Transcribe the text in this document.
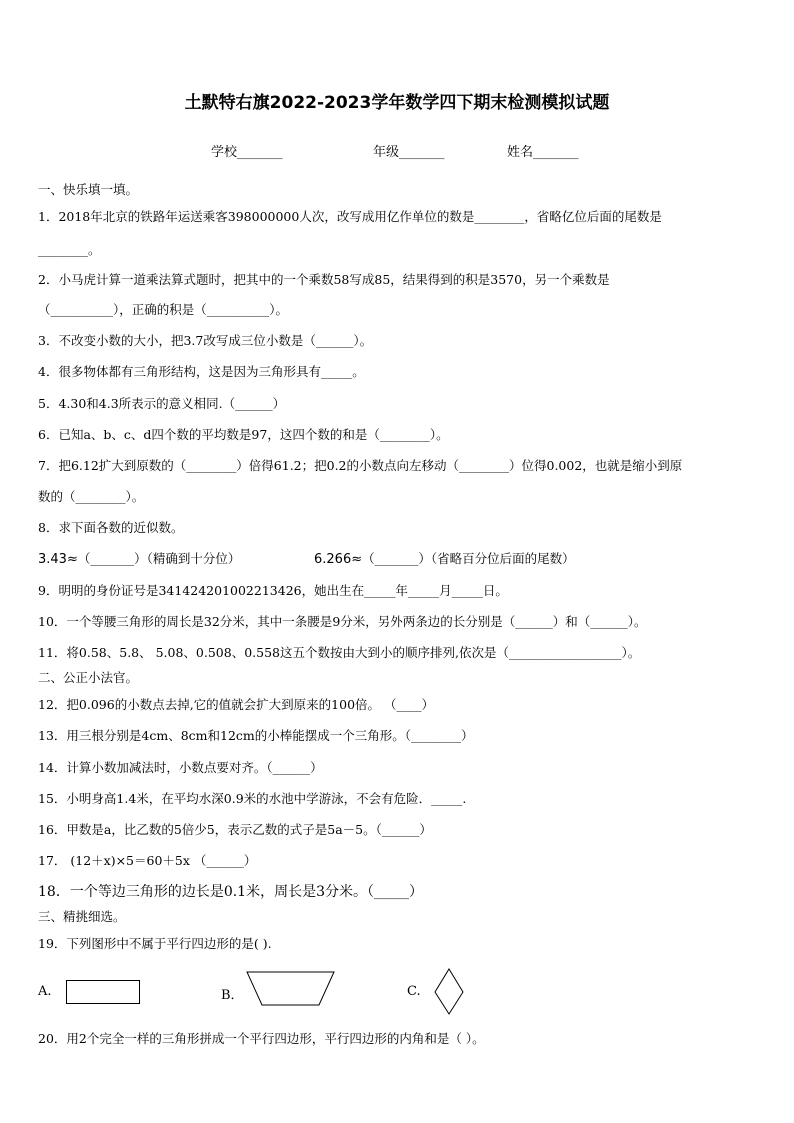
土默特右旗2022-2023学年数学四下期末检测模拟试题
学校_______	年级_______	姓名_______
一、快乐填一填。
1．2018年北京的铁路年运送乘客398000000人次，改写成用亿作单位的数是________，省略亿位后面的尾数是
________。
2．小马虎计算一道乘法算式题时，把其中的一个乘数58写成85，结果得到的积是3570，另一个乘数是
（__________），正确的积是（__________）。
3．不改变小数的大小，把3.7改写成三位小数是（______）。
4．很多物体都有三角形结构，这是因为三角形具有_____。
5．4.30和4.3所表示的意义相同.（______）
6．已知a、b、c、d四个数的平均数是97，这四个数的和是（________）。
7．把6.12扩大到原数的（________）倍得61.2；把0.2的小数点向左移动（________）位得0.002，也就是缩小到原
数的（________）。
8．求下面各数的近似数。
3.43≈（_______）（精确到十分位）	6.266≈（_______）（省略百分位后面的尾数）
9．明明的身份证号是341424201002213426，她出生在_____年_____月_____日。
10．一个等腰三角形的周长是32分米，其中一条腰是9分米，另外两条边的长分别是（______）和（______）。
11．将0.58、5.8、 5.08、0.508、0.558这五个数按由大到小的顺序排列,依次是（__________________）。
二、公正小法官。
12．把0.096的小数点去掉,它的值就会扩大到原来的100倍。 （____）
13．用三根分别是4cm、8cm和12cm的小棒能摆成一个三角形。（________）
14．计算小数加减法时，小数点要对齐。（______）
15．小明身高1.4米，在平均水深0.9米的水池中学游泳，不会有危险．_____.
16．甲数是a，比乙数的5倍少5，表示乙数的式子是5a－5。（______）
17． (12＋x)×5＝60＋5x （______）
18．一个等边三角形的边长是0.1米，周长是3分米。（_____）
三、精挑细选。
19．下列图形中不属于平行四边形的是( ).
A.	B．	C.
20．用2个完全一样的三角形拼成一个平行四边形，平行四边形的内角和是（ ）。
